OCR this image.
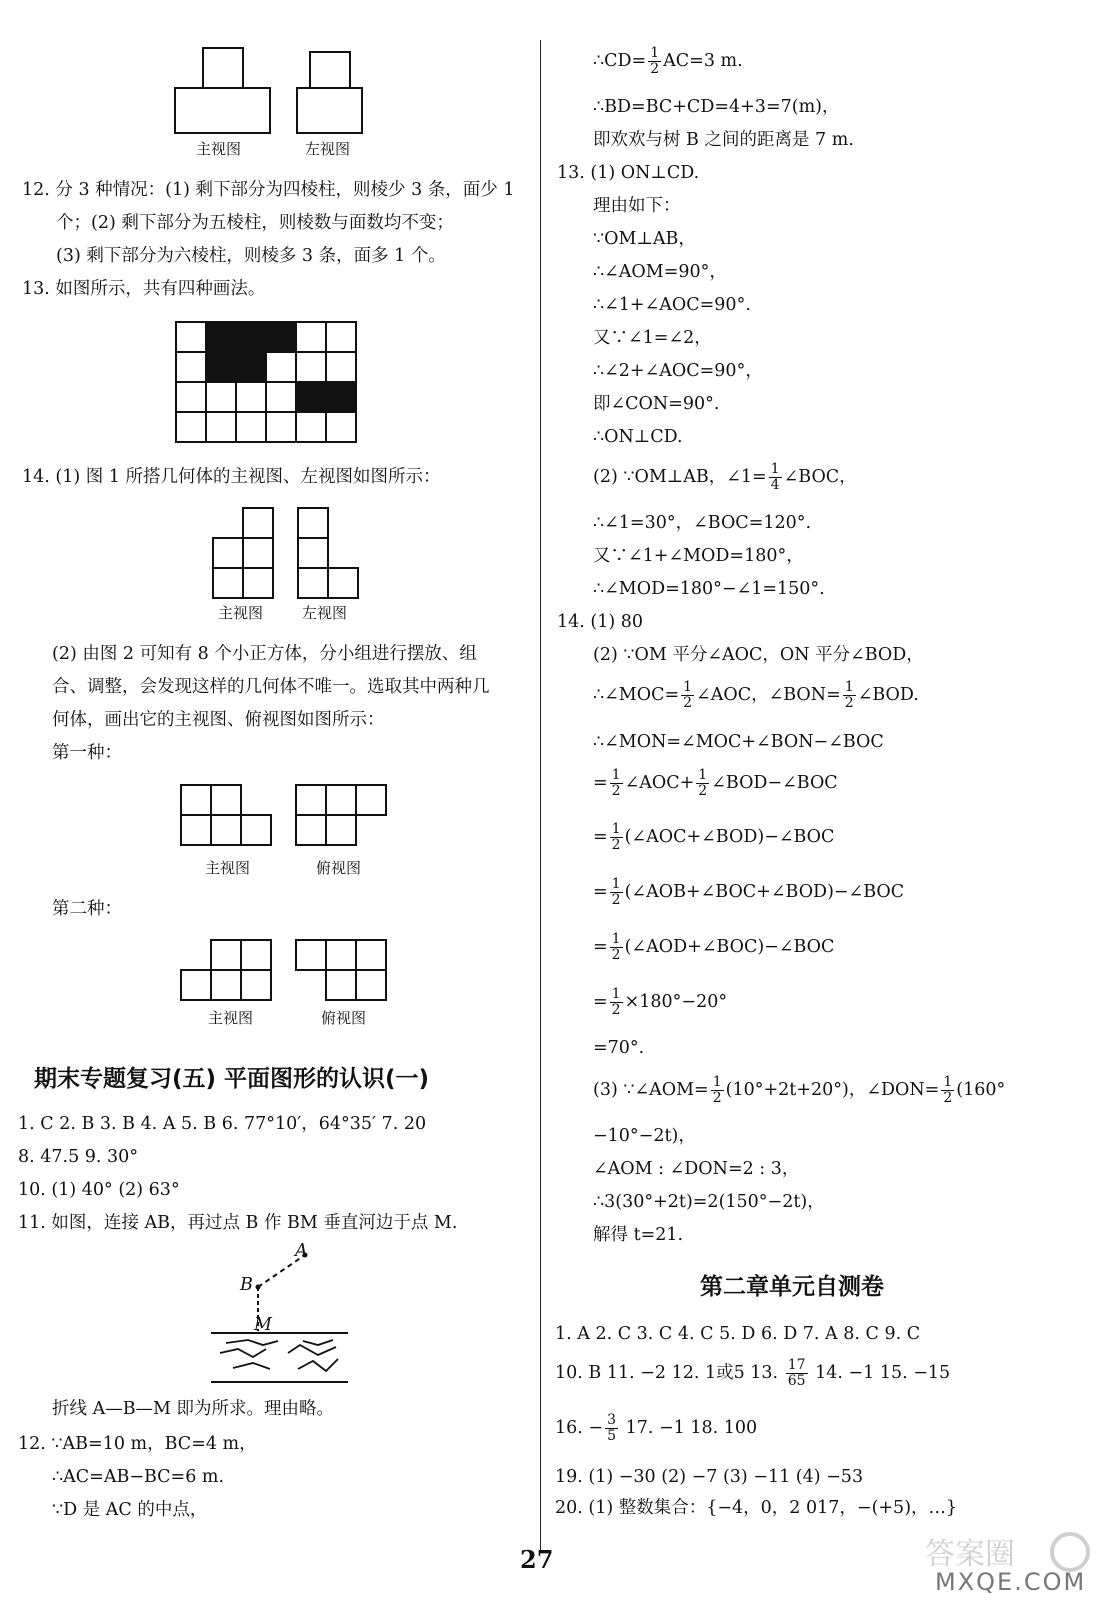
主视图	左视图
12. 分 3 种情况：(1) 剩下部分为四棱柱，则棱少 3 条，面少 1
个；(2) 剩下部分为五棱柱，则棱数与面数均不变；
(3) 剩下部分为六棱柱，则棱多 3 条，面多 1 个。
13. 如图所示，共有四种画法。
14. (1) 图 1 所搭几何体的主视图、左视图如图所示：
主视图	左视图
(2) 由图 2 可知有 8 个小正方体，分小组进行摆放、组
合、调整，会发现这样的几何体不唯一。选取其中两种几
何体，画出它的主视图、俯视图如图所示：
第一种：
主视图	俯视图
第二种：
主视图	俯视图
期末专题复习(五) 平面图形的认识(一)
1. C 2. B 3. B 4. A 5. B 6. 77°10′，64°35′ 7. 20
8. 47.5 9. 30°
10. (1) 40° (2) 63°
11. 如图，连接 AB，再过点 B 作 BM 垂直河边于点 M.
A
B
M
折线 A—B—M 即为所求。理由略。
12. ∵AB=10 m，BC=4 m，
∴AC=AB−BC=6 m.
∵D 是 AC 的中点，
∴CD= $\frac{1}{2} AC=3$ m.
∴BD=BC+CD=4+3=7(m)，
即欢欢与树 B 之间的距离是 7 m.
13. (1) ON⊥CD.
理由如下：
∵OM⊥AB，
∴∠AOM=90°，
∴∠1+∠AOC=90°.
又∵∠1=∠2，
∴∠2+∠AOC=90°，
即∠CON=90°.
∴ON⊥CD.
(2) ∵OM⊥AB，∠1= $\frac{1}{4}$ ∠BOC，
∴∠1=30°，∠BOC=120°.
又∵∠1+∠MOD=180°，
∴∠MOD=180°−∠1=150°.
14. (1) 80
(2) ∵OM 平分∠AOC，ON 平分∠BOD，
∴∠MOC= $\frac{1}{2}$ ∠AOC，∠BON= $\frac{1}{2}$ ∠BOD.
∴∠MON=∠MOC+∠BON−∠BOC
= $\frac{1}{2}$ ∠AOC+ $\frac{1}{2}$ ∠BOD−∠BOC
= $\frac{1}{2}$ (∠AOC+∠BOD)−∠BOC
= $\frac{1}{2}$ (∠AOB+∠BOC+∠BOD)−∠BOC
= $\frac{1}{2}$ (∠AOD+∠BOC)−∠BOC
= $\frac{1}{2} \times 180^\circ-20^\circ$
=70°.
(3) ∵∠AOM= $\frac{1}{2} (10^\circ+2t+20^\circ)$，∠DON= $\frac{1}{2} (160^\circ$
−10°−2t)，
∠AOM : ∠DON=2 : 3，
∴3(30°+2t)=2(150°−2t)，
解得 t=21.
第二章单元自测卷
1. A 2. C 3. C 4. C 5. D 6. D 7. A 8. C 9. C
10. B 11. −2 12. 1或5 13. $\frac{17}{65} 14$. −1 15. −15
16. − $\frac{3}{5} 17$. −1 18. 100
19. (1) −30 (2) −7 (3) −11 (4) −53
20. (1) 整数集合：{−4，0，2 017，−(+5)，…}
27	答案圈
MXQE.COM
